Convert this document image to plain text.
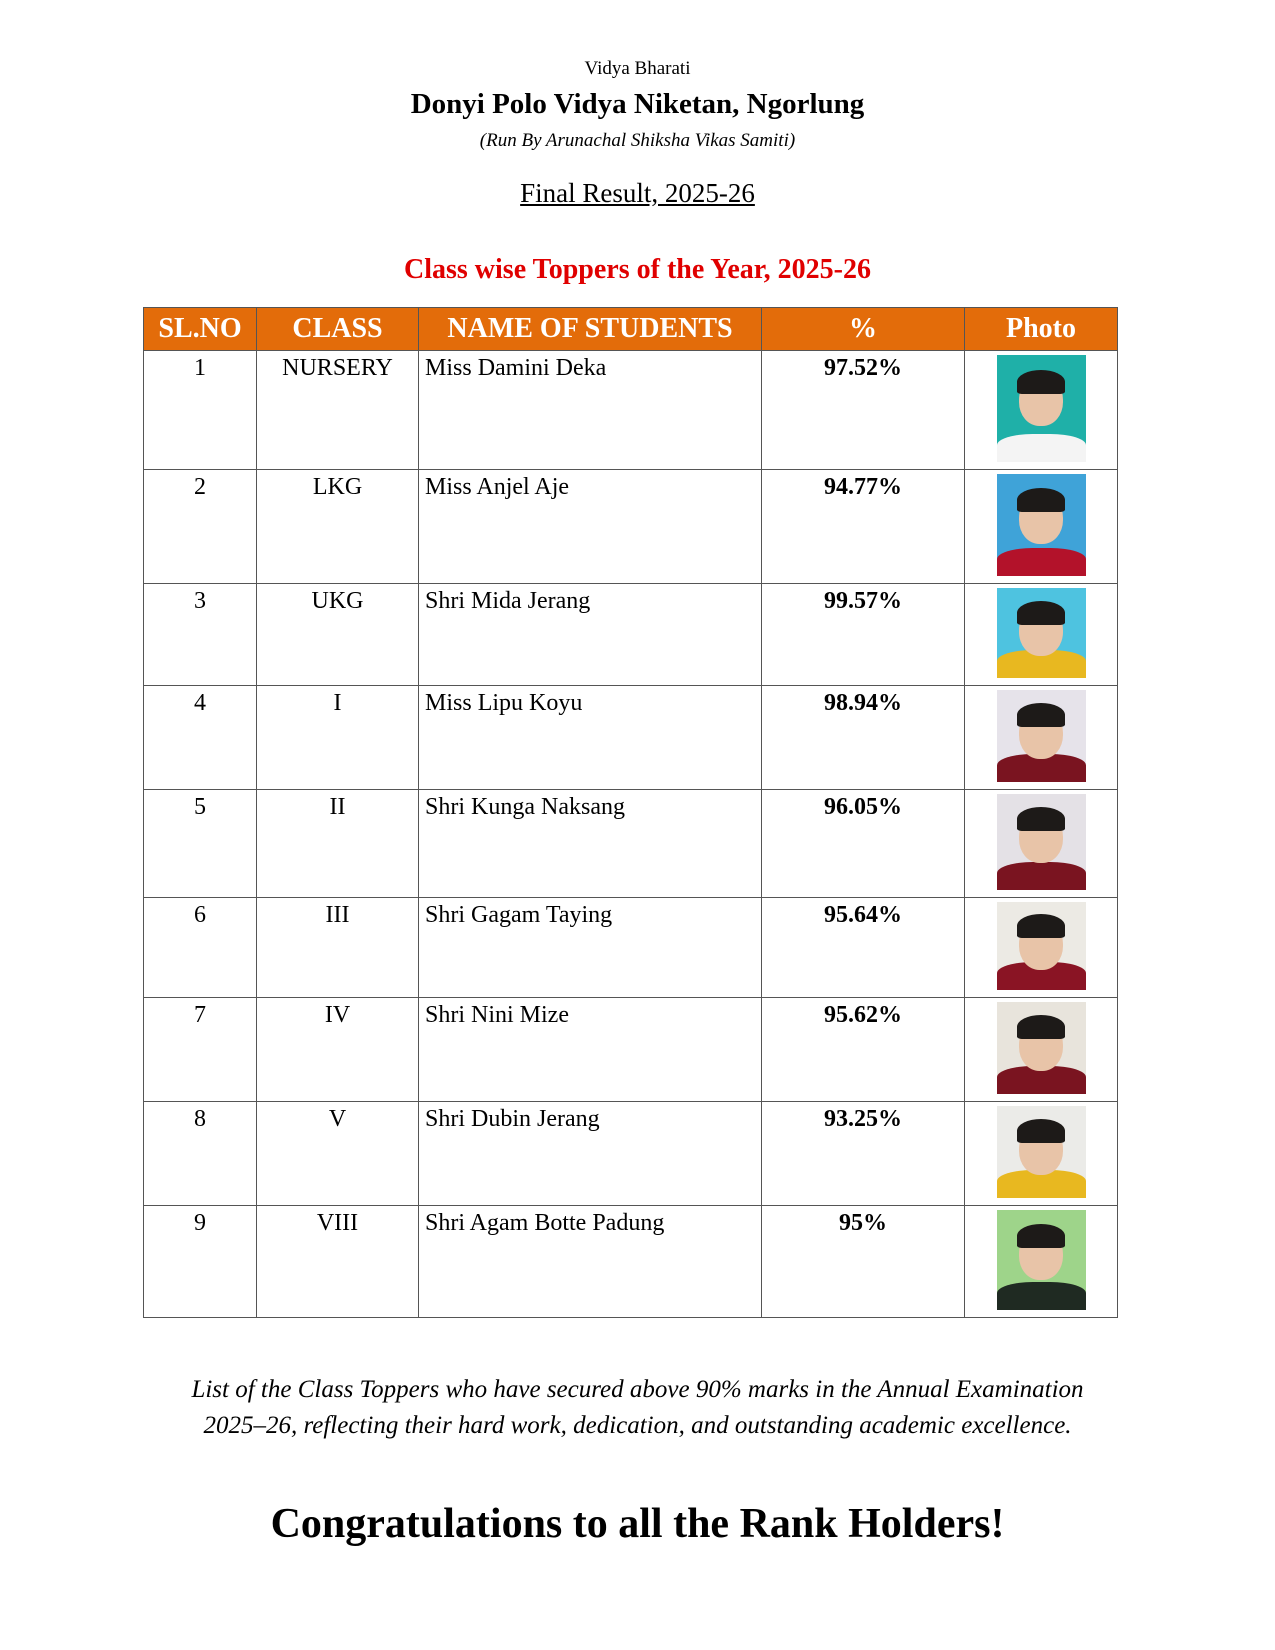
Vidya Bharati
Donyi Polo Vidya Niketan, Ngorlung
(Run By Arunachal Shiksha Vikas Samiti)
Final Result, 2025-26
Class wise Toppers of the Year, 2025-26
SL.NO	CLASS	NAME OF STUDENTS	%	Photo
1	NURSERY	Miss Damini Deka	97.52%	

2	LKG	Miss Anjel Aje	94.77%	

3	UKG	Shri Mida Jerang	99.57%	

4	I	Miss Lipu Koyu	98.94%	

5	II	Shri Kunga Naksang	96.05%	

6	III	Shri Gagam Taying	95.64%	

7	IV	Shri Nini Mize	95.62%	

8	V	Shri Dubin Jerang	93.25%	

9	VIII	Shri Agam Botte Padung	95%	
List of the Class Toppers who have secured above 90% marks in the Annual Examination 2025–26, reflecting their hard work, dedication, and outstanding academic excellence.
Congratulations to all the Rank Holders!
